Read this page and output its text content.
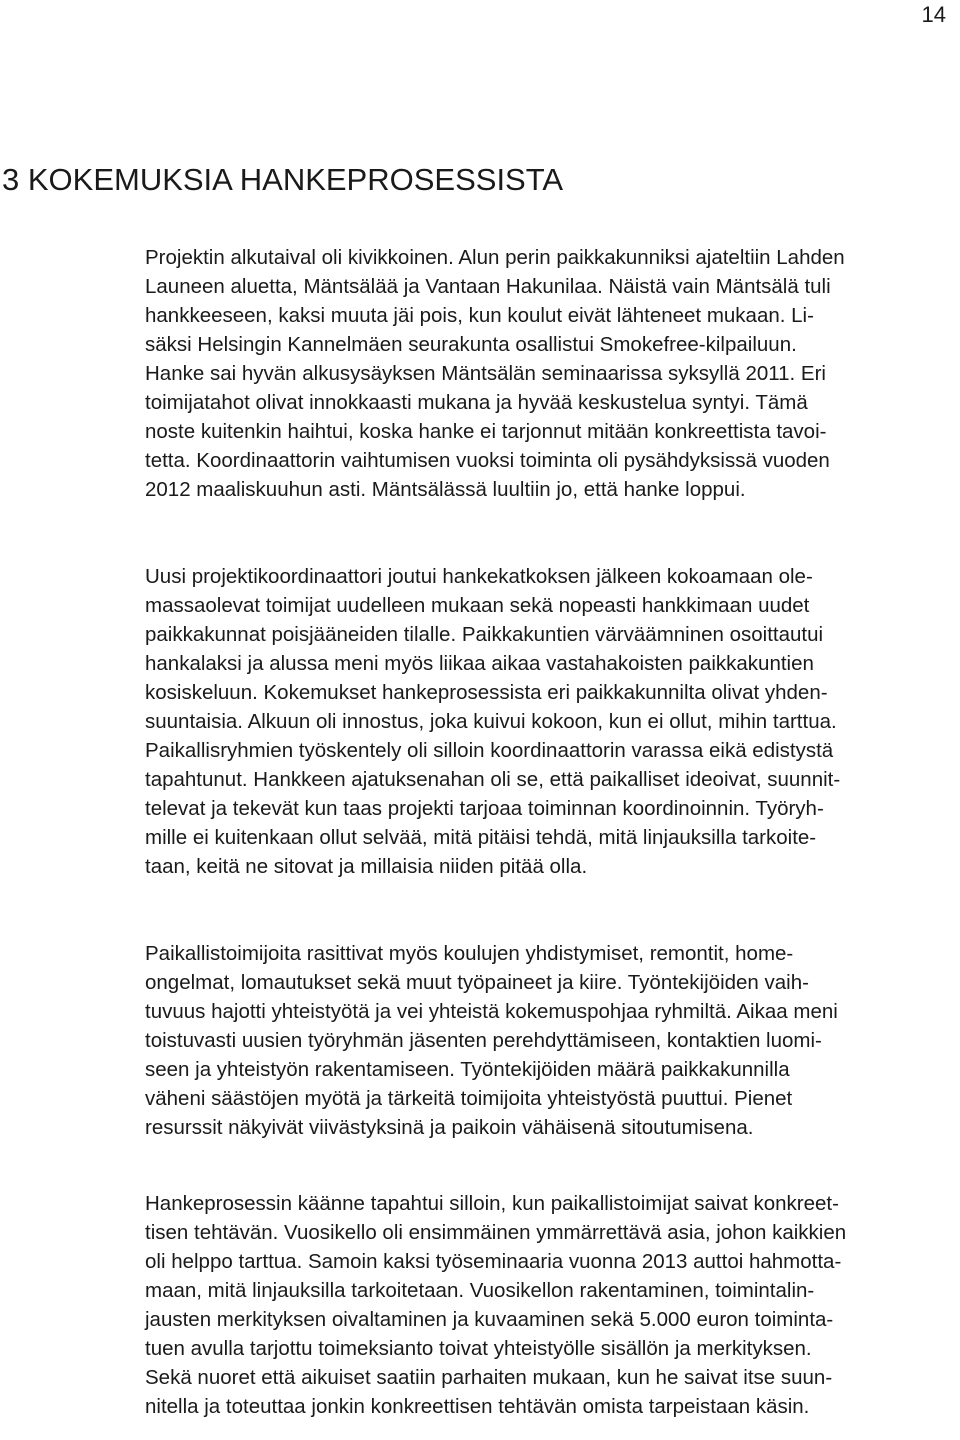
14
3 KOKEMUKSIA HANKEPROSESSISTA
Projektin alkutaival oli kivikkoinen. Alun perin paikkakunniksi ajateltiin Lahden
Launeen aluetta, Mäntsälää ja Vantaan Hakunilaa. Näistä vain Mäntsälä tuli
hankkeeseen, kaksi muuta jäi pois, kun koulut eivät lähteneet mukaan. Li-
säksi Helsingin Kannelmäen seurakunta osallistui Smokefree-kilpailuun.
Hanke sai hyvän alkusysäyksen Mäntsälän seminaarissa syksyllä 2011. Eri
toimijatahot olivat innokkaasti mukana ja hyvää keskustelua syntyi. Tämä
noste kuitenkin haihtui, koska hanke ei tarjonnut mitään konkreettista tavoi-
tetta. Koordinaattorin vaihtumisen vuoksi toiminta oli pysähdyksissä vuoden
2012 maaliskuuhun asti. Mäntsälässä luultiin jo, että hanke loppui.
Uusi projektikoordinaattori joutui hankekatkoksen jälkeen kokoamaan ole-
massaolevat toimijat uudelleen mukaan sekä nopeasti hankkimaan uudet
paikkakunnat poisjääneiden tilalle. Paikkakuntien värväämninen osoittautui
hankalaksi ja alussa meni myös liikaa aikaa vastahakoisten paikkakuntien
kosiskeluun. Kokemukset hankeprosessista eri paikkakunnilta olivat yhden-
suuntaisia. Alkuun oli innostus, joka kuivui kokoon, kun ei ollut, mihin tarttua.
Paikallisryhmien työskentely oli silloin koordinaattorin varassa eikä edistystä
tapahtunut. Hankkeen ajatuksenahan oli se, että paikalliset ideoivat, suunnit-
televat ja tekevät kun taas projekti tarjoaa toiminnan koordinoinnin. Työryh-
mille ei kuitenkaan ollut selvää, mitä pitäisi tehdä, mitä linjauksilla tarkoite-
taan, keitä ne sitovat ja millaisia niiden pitää olla.
Paikallistoimijoita rasittivat myös koulujen yhdistymiset, remontit, home-
ongelmat, lomautukset sekä muut työpaineet ja kiire. Työntekijöiden vaih-
tuvuus hajotti yhteistyötä ja vei yhteistä kokemuspohjaa ryhmiltä. Aikaa meni
toistuvasti uusien työryhmän jäsenten perehdyttämiseen, kontaktien luomi-
seen ja yhteistyön rakentamiseen. Työntekijöiden määrä paikkakunnilla
väheni säästöjen myötä ja tärkeitä toimijoita yhteistyöstä puuttui. Pienet
resurssit näkyivät viivästyksinä ja paikoin vähäisenä sitoutumisena.
Hankeprosessin käänne tapahtui silloin, kun paikallistoimijat saivat konkreet-
tisen tehtävän. Vuosikello oli ensimmäinen ymmärrettävä asia, johon kaikkien
oli helppo tarttua. Samoin kaksi työseminaaria vuonna 2013 auttoi hahmotta-
maan, mitä linjauksilla tarkoitetaan. Vuosikellon rakentaminen, toimintalin-
jausten merkityksen oivaltaminen ja kuvaaminen sekä 5.000 euron toiminta-
tuen avulla tarjottu toimeksianto toivat yhteistyölle sisällön ja merkityksen.
Sekä nuoret että aikuiset saatiin parhaiten mukaan, kun he saivat itse suun-
nitella ja toteuttaa jonkin konkreettisen tehtävän omista tarpeistaan käsin.
